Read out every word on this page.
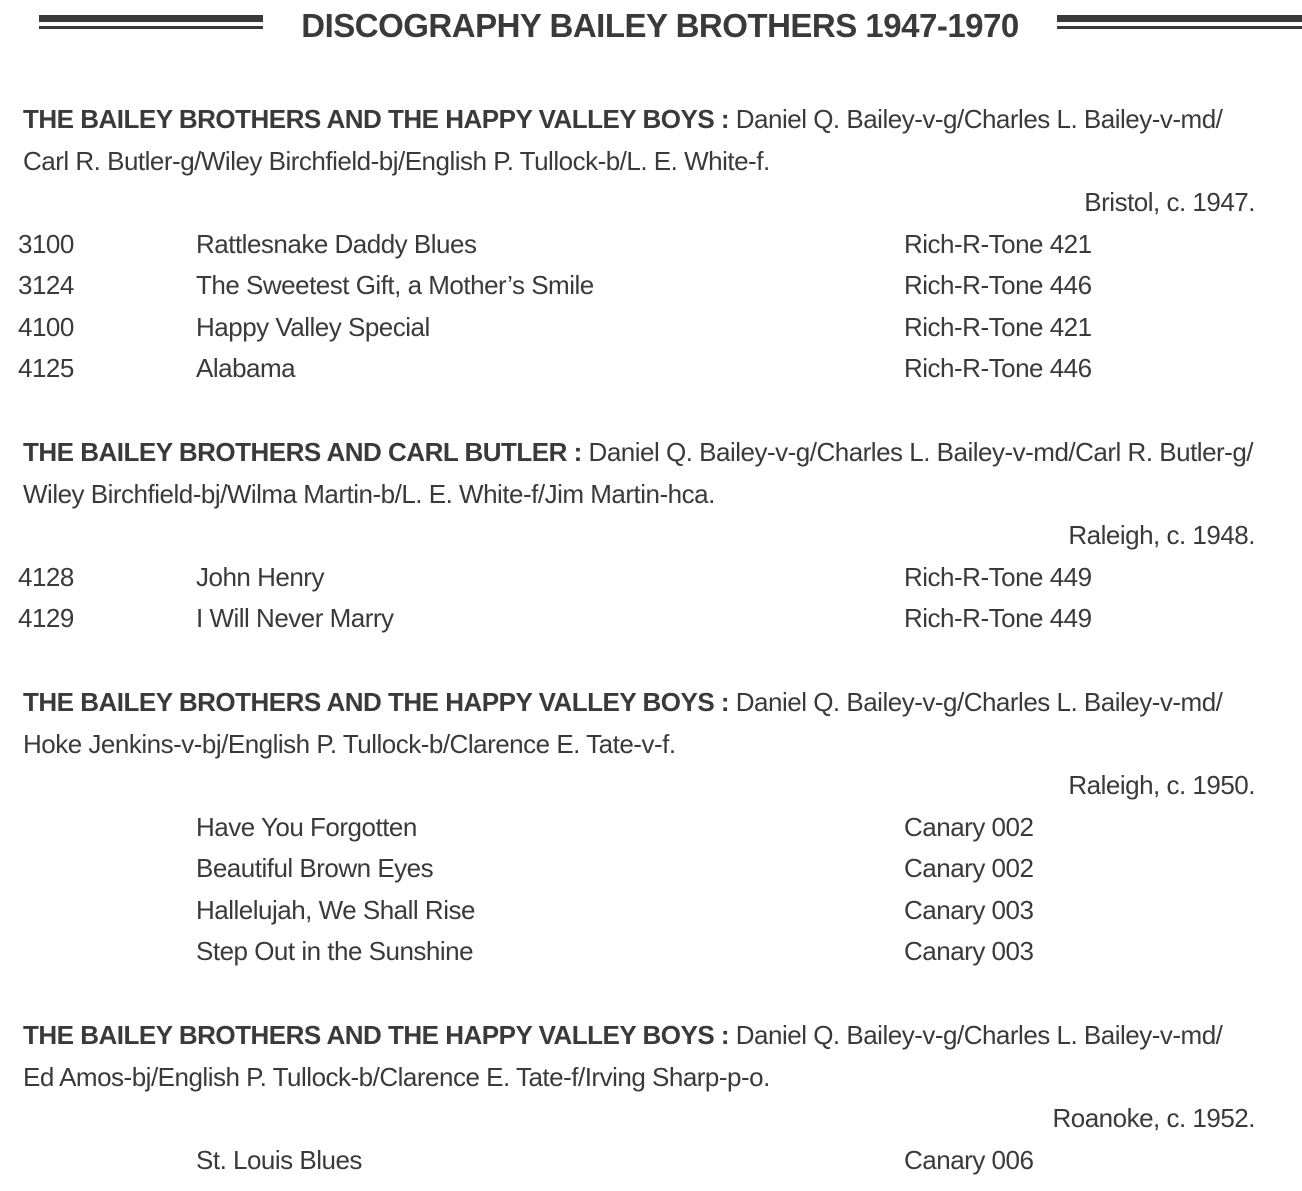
DISCOGRAPHY BAILEY BROTHERS 1947-1970
THE BAILEY BROTHERS AND THE HAPPY VALLEY BOYS : Daniel Q. Bailey-v-g/Charles L. Bailey-v-md/
Carl R. Butler-g/Wiley Birchfield-bj/English P. Tullock-b/L. E. White-f.
Bristol, c. 1947.
3100	Rattlesnake Daddy Blues	Rich-R-Tone 421
3124	The Sweetest Gift, a Mother’s Smile	Rich-R-Tone 446
4100	Happy Valley Special	Rich-R-Tone 421
4125	Alabama	Rich-R-Tone 446
THE BAILEY BROTHERS AND CARL BUTLER : Daniel Q. Bailey-v-g/Charles L. Bailey-v-md/Carl R. Butler-g/
Wiley Birchfield-bj/Wilma Martin-b/L. E. White-f/Jim Martin-hca.
Raleigh, c. 1948.
4128	John Henry	Rich-R-Tone 449
4129	I Will Never Marry	Rich-R-Tone 449
THE BAILEY BROTHERS AND THE HAPPY VALLEY BOYS : Daniel Q. Bailey-v-g/Charles L. Bailey-v-md/
Hoke Jenkins-v-bj/English P. Tullock-b/Clarence E. Tate-v-f.
Raleigh, c. 1950.
Have You Forgotten	Canary 002
Beautiful Brown Eyes	Canary 002
Hallelujah, We Shall Rise	Canary 003
Step Out in the Sunshine	Canary 003
THE BAILEY BROTHERS AND THE HAPPY VALLEY BOYS : Daniel Q. Bailey-v-g/Charles L. Bailey-v-md/
Ed Amos-bj/English P. Tullock-b/Clarence E. Tate-f/Irving Sharp-p-o.
Roanoke, c. 1952.
St. Louis Blues	Canary 006
